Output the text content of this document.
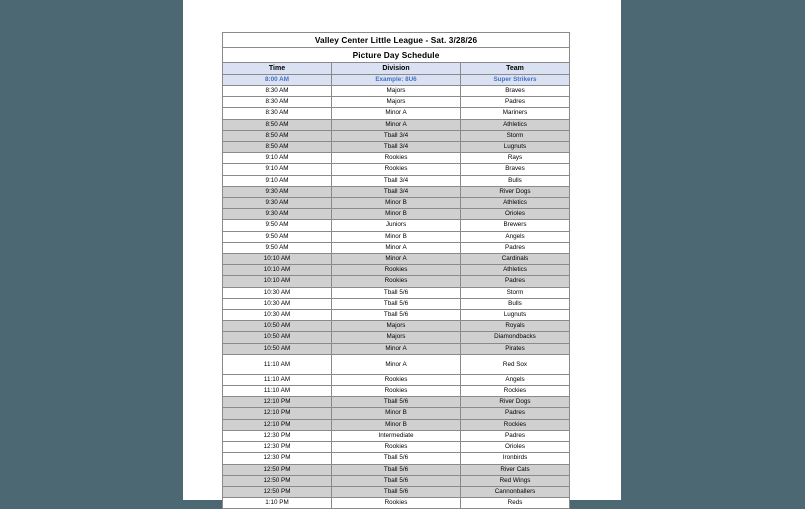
Valley Center Little League - Sat. 3/28/26		
Picture Day Schedule		
Time	Division	Team
8:00 AM	Example: 8U6	Super Strikers
8:30 AM	Majors	Braves
8:30 AM	Majors	Padres
8:30 AM	Minor A	Mariners
8:50 AM	Minor A	Athletics
8:50 AM	Tball 3/4	Storm
8:50 AM	Tball 3/4	Lugnuts
9:10 AM	Rookies	Rays
9:10 AM	Rookies	Braves
9:10 AM	Tball 3/4	Bulls
9:30 AM	Tball 3/4	River Dogs
9:30 AM	Minor B	Athletics
9:30 AM	Minor B	Orioles
9:50 AM	Juniors	Brewers
9:50 AM	Minor B	Angels
9:50 AM	Minor A	Padres
10:10 AM	Minor A	Cardinals
10:10 AM	Rookies	Athletics
10:10 AM	Rookies	Padres
10:30 AM	Tball 5/6	Storm
10:30 AM	Tball 5/6	Bulls
10:30 AM	Tball 5/6	Lugnuts
10:50 AM	Majors	Royals
10:50 AM	Majors	Diamondbacks
10:50 AM	Minor A	Pirates
11:10 AM	Minor A	Red Sox
11:10 AM	Rookies	Angels
11:10 AM	Rookies	Rockies
12:10 PM	Tball 5/6	River Dogs
12:10 PM	Minor B	Padres
12:10 PM	Minor B	Rockies
12:30 PM	Intermediate	Padres
12:30 PM	Rookies	Orioles
12:30 PM	Tball 5/6	Ironbirds
12:50 PM	Tball 5/6	River Cats
12:50 PM	Tball 5/6	Red Wings
12:50 PM	Tball 5/6	Cannonballers
1:10 PM	Rookies	Reds
